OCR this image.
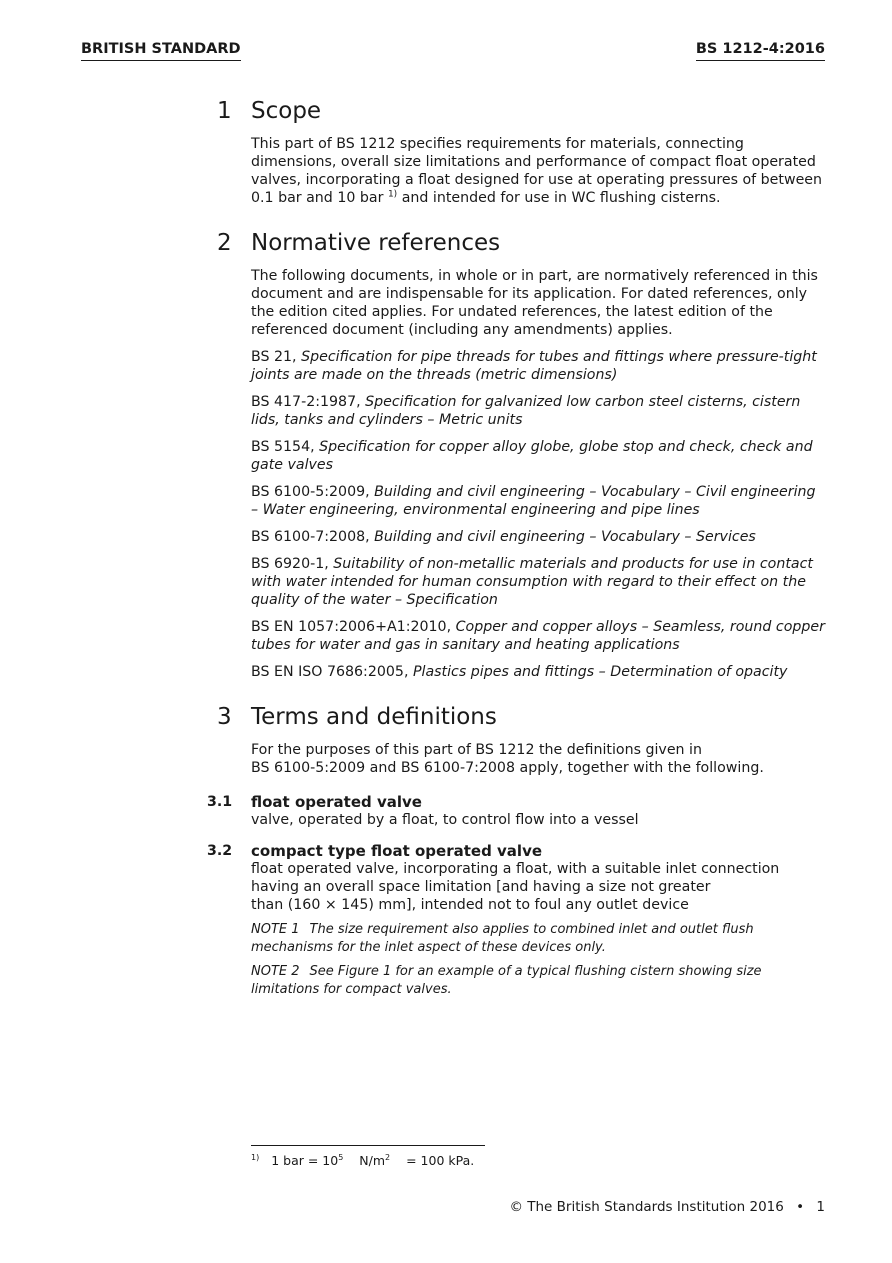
BRITISH STANDARD	BS 1212-4:2016
1 Scope

This part of BS 1212 specifies requirements for materials, connecting dimensions, overall size limitations and performance of compact float operated valves, incorporating a float designed for use at operating pressures of between 0.1 bar and 10 bar $^{1)}$ and intended for use in WC flushing cisterns.

2 Normative references

The following documents, in whole or in part, are normatively referenced in this document and are indispensable for its application. For dated references, only the edition cited applies. For undated references, the latest edition of the referenced document (including any amendments) applies.

BS 21, Specification for pipe threads for tubes and fittings where pressure-tight joints are made on the threads (metric dimensions)

BS 417-2:1987, Specification for galvanized low carbon steel cisterns, cistern lids, tanks and cylinders – Metric units

BS 5154, Specification for copper alloy globe, globe stop and check, check and gate valves

BS 6100-5:2009, Building and civil engineering – Vocabulary – Civil engineering – Water engineering, environmental engineering and pipe lines

BS 6100-7:2008, Building and civil engineering – Vocabulary – Services

BS 6920-1, Suitability of non-metallic materials and products for use in contact with water intended for human consumption with regard to their effect on the quality of the water – Specification

BS EN 1057:2006+A1:2010, Copper and copper alloys – Seamless, round copper tubes for water and gas in sanitary and heating applications

BS EN ISO 7686:2005, Plastics pipes and fittings – Determination of opacity

3 Terms and definitions

For the purposes of this part of BS 1212 the definitions given in
BS 6100-5:2009 and BS 6100-7:2008 apply, together with the following.

3.1 float operated valve

valve, operated by a float, to control flow into a vessel

3.2 compact type float operated valve

float operated valve, incorporating a float, with a suitable inlet connection
having an overall space limitation [and having a size not greater
than (160 × 145) mm], intended not to foul any outlet device

NOTE 1 The size requirement also applies to combined inlet and outlet flush mechanisms for the inlet aspect of these devices only.

NOTE 2 See Figure 1 for an example of a typical flushing cistern showing size limitations for compact valves.

$^{1)}$ 1 bar = $10^5$ $N/m^2 = 100$ kPa.
© The British Standards Institution 2016 • 1
